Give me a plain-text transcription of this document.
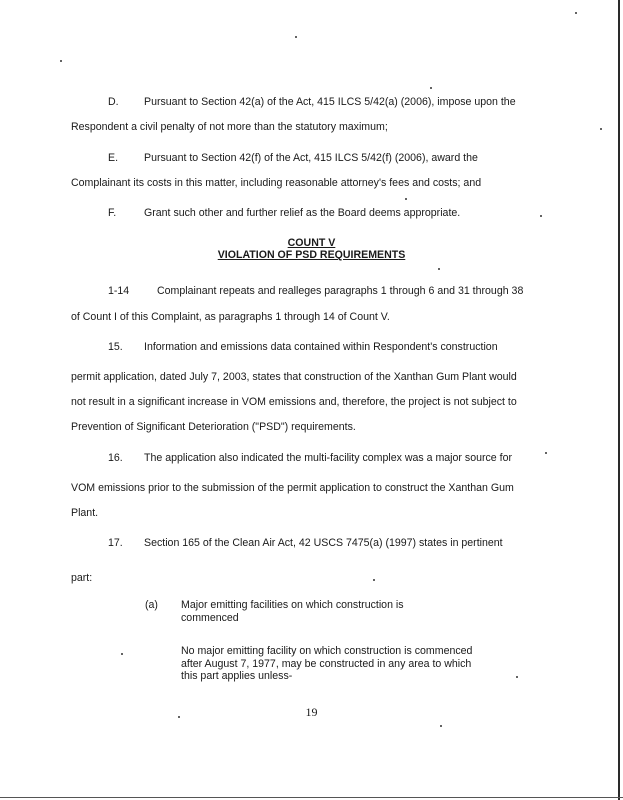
D. Pursuant to Section 42(a) of the Act, 415 ILCS 5/42(a) (2006), impose upon the
Respondent a civil penalty of not more than the statutory maximum;
E. Pursuant to Section 42(f) of the Act, 415 ILCS 5/42(f) (2006), award the
Complainant its costs in this matter, including reasonable attorney's fees and costs; and
F.	Grant such other and further relief as the Board deems appropriate.
COUNT V
VIOLATION OF PSD REQUIREMENTS
1-14	Complainant repeats and realleges paragraphs 1 through 6 and 31 through 38
of Count I of this Complaint, as paragraphs 1 through 14 of Count V.
15. Information and emissions data contained within Respondent's construction
permit application, dated July 7, 2003, states that construction of the Xanthan Gum Plant would
not result in a significant increase in VOM emissions and, therefore, the project is not subject to
Prevention of Significant Deterioration ("PSD") requirements.
16. The application also indicated the multi-facility complex was a major source for
VOM emissions prior to the submission of the permit application to construct the Xanthan Gum
Plant.
17. Section 165 of the Clean Air Act, 42 USCS 7475(a) (1997) states in pertinent
part:
(a) Major emitting facilities on which construction is commenced
No major emitting facility on which construction is commenced after August 7, 1977, may be constructed in any area to which this part applies unless-
19
